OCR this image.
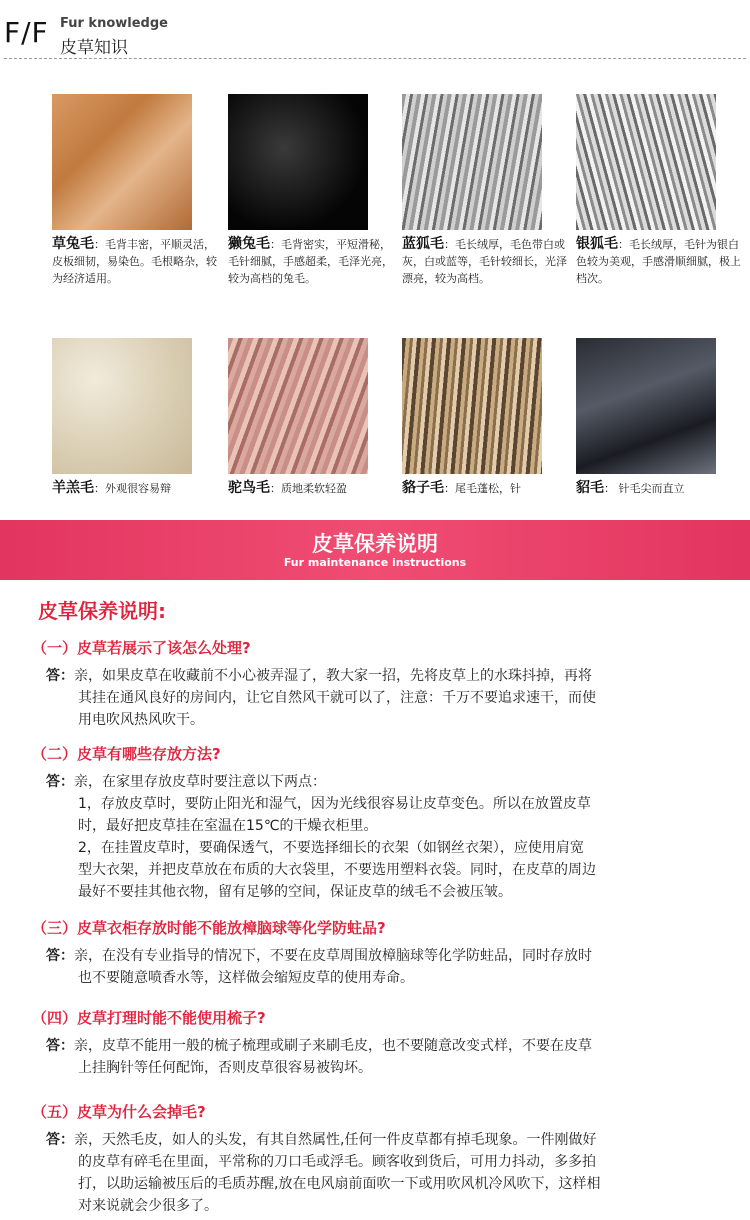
F/F Fur knowledge
皮草知识
草兔毛：毛背丰密，平顺灵活，皮板细韧，易染色。毛根略杂，较为经济适用。
獭兔毛：毛背密实，平短滑秘，毛针细腻，手感超柔，毛泽光亮，较为高档的兔毛。
蓝狐毛：毛长绒厚，毛色带白或灰，白或蓝等，毛针较细长，光泽漂亮，较为高档。
银狐毛：毛长绒厚，毛针为银白色较为美观，手感滑顺细腻，极上档次。
羊羔毛：外观很容易辩	驼鸟毛：质地柔软轻盈	貉子毛：尾毛蓬松，针	貂毛： 针毛尖而直立
皮草保养说明
Fur maintenance instructions
皮草保养说明:
（一）皮草若展示了该怎么处理?
答：亲，如果皮草在收藏前不小心被弄湿了，教大家一招，先将皮草上的水珠抖掉，再将
其挂在通风良好的房间内，让它自然风干就可以了，注意：千万不要追求速干，而使
用电吹风热风吹干。
（二）皮草有哪些存放方法?
答：亲，在家里存放皮草时要注意以下两点：
1，存放皮草时，要防止阳光和湿气，因为光线很容易让皮草变色。所以在放置皮草
时，最好把皮草挂在室温在15℃的干燥衣柜里。
2，在挂置皮草时，要确保透气，不要选择细长的衣架（如钢丝衣架），应使用肩宽
型大衣架，并把皮草放在布质的大衣袋里，不要选用塑料衣袋。同时，在皮草的周边
最好不要挂其他衣物，留有足够的空间，保证皮草的绒毛不会被压皱。
（三）皮草衣柜存放时能不能放樟脑球等化学防蛀品?
答：亲，在没有专业指导的情况下，不要在皮草周围放樟脑球等化学防蛀品，同时存放时
也不要随意喷香水等，这样做会缩短皮草的使用寿命。
（四）皮草打理时能不能使用梳子?
答：亲，皮草不能用一般的梳子梳理或刷子来刷毛皮，也不要随意改变式样，不要在皮草
上挂胸针等任何配饰，否则皮草很容易被钩坏。
（五）皮草为什么会掉毛?
答：亲，天然毛皮，如人的头发，有其自然属性,任何一件皮草都有掉毛现象。一件刚做好
的皮草有碎毛在里面，平常称的刀口毛或浮毛。顾客收到货后，可用力抖动，多多拍
打，以助运输被压后的毛质苏醒,放在电风扇前面吹一下或用吹风机冷风吹下，这样相
对来说就会少很多了。
